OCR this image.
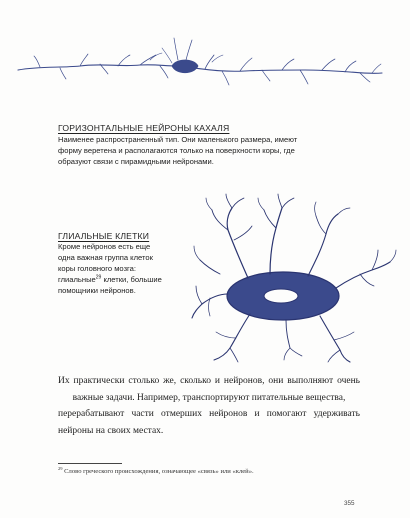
ГОРИЗОНТАЛЬНЫЕ НЕЙРОНЫ КАХАЛЯ
Наименее распространенный тип. Они маленького размера, имеют
форму веретена и располагаются только на поверхности коры, где
образуют связи с пирамидными нейронами.
ГЛИАЛЬНЫЕ КЛЕТКИ
Кроме нейронов есть еще
одна важная группа клеток
коры головного мозга:
глиальные$^{29}$ клетки, большие
помощники нейронов.
Их практически столько же, сколько и нейронов, они выполняют очень
важные задачи. Например, транспортируют питательные вещества,
перерабатывают части отмерших нейронов и помогают удерживать
нейроны на своих местах.
$^{29}$ Слово греческого происхождения, означающее «связь» или «клей».
355
